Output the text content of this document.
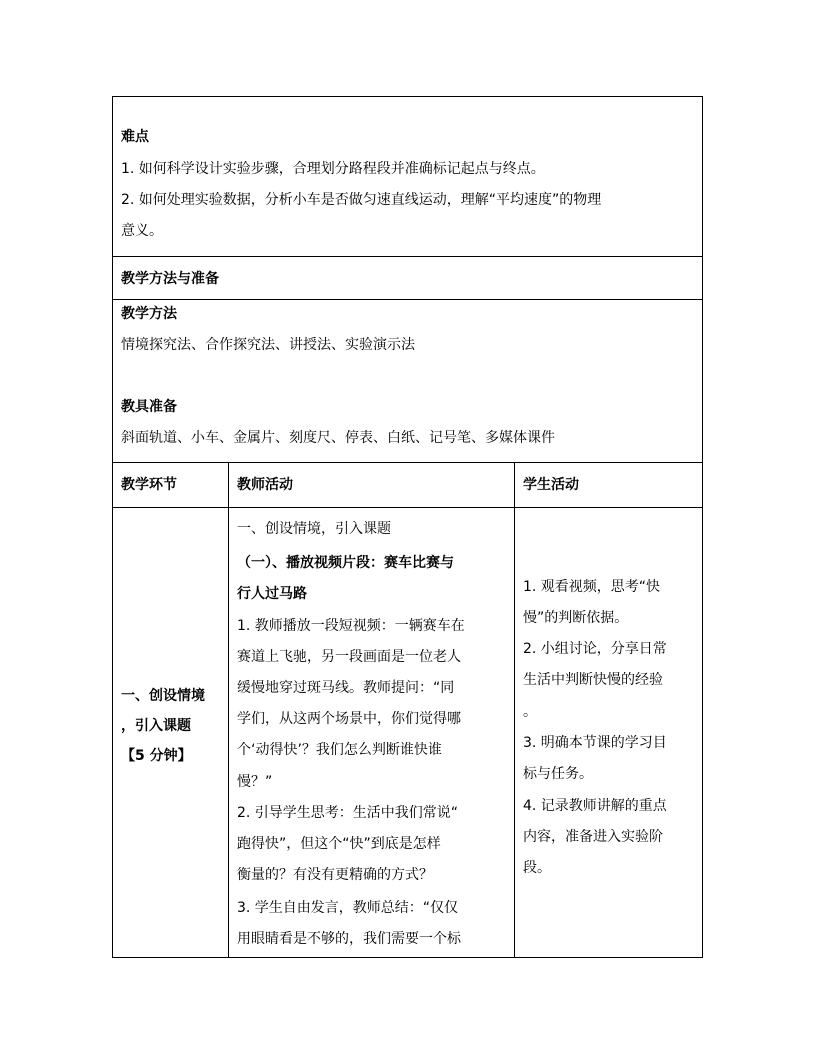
难点
1. 如何科学设计实验步骤，合理划分路程段并准确标记起点与终点。
2. 如何处理实验数据，分析小车是否做匀速直线运动，理解“平均速度”的物理
意义。
教学方法与准备
教学方法
情境探究法、合作探究法、讲授法、实验演示法
教具准备
斜面轨道、小车、金属片、刻度尺、停表、白纸、记号笔、多媒体课件
教学环节	教师活动	学生活动
一、创设情境
，引入课题
【5 分钟】
一、创设情境，引入课题
（一）、播放视频片段：赛车比赛与
行人过马路
1. 教师播放一段短视频：一辆赛车在
赛道上飞驰，另一段画面是一位老人
缓慢地穿过斑马线。教师提问：“同
学们，从这两个场景中，你们觉得哪
个‘动得快’？我们怎么判断谁快谁
慢？”
2. 引导学生思考：生活中我们常说“
跑得快”，但这个“快”到底是怎样
衡量的？有没有更精确的方式？
3. 学生自由发言，教师总结：“仅仅
用眼睛看是不够的，我们需要一个标
1. 观看视频，思考“快
慢”的判断依据。
2. 小组讨论，分享日常
生活中判断快慢的经验
。
3. 明确本节课的学习目
标与任务。
4. 记录教师讲解的重点
内容，准备进入实验阶
段。
